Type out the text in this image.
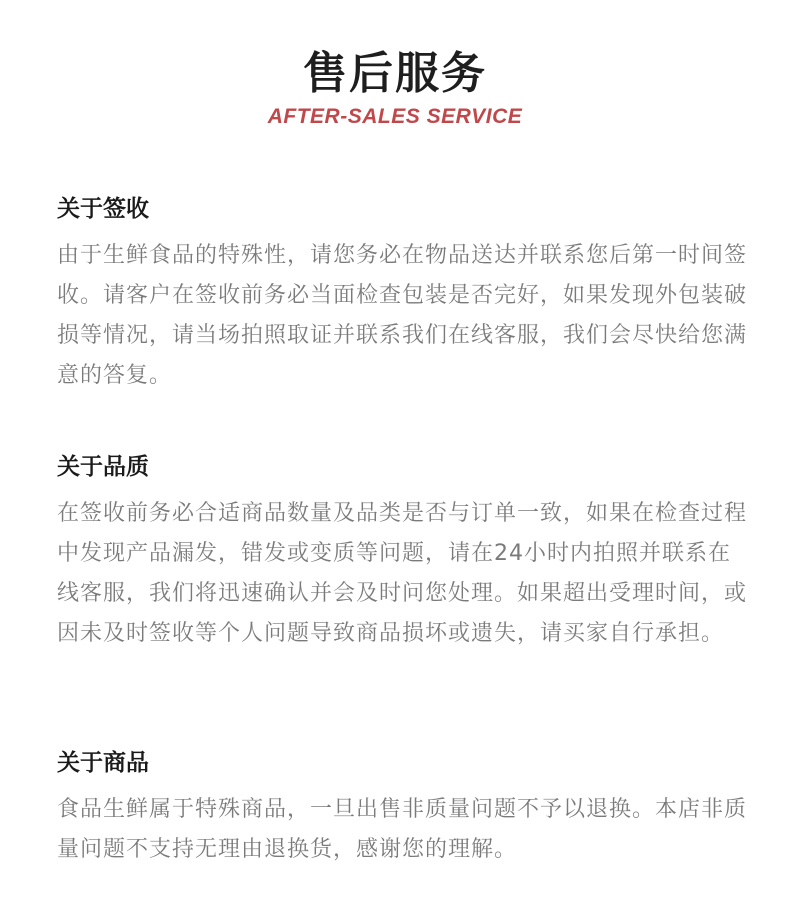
售后服务
AFTER-SALES SERVICE
关于签收

由于生鲜食品的特殊性，请您务必在物品送达并联系您后第一时间签收。请客户在签收前务必当面检查包装是否完好，如果发现外包装破损等情况，请当场拍照取证并联系我们在线客服，我们会尽快给您满意的答复。

关于品质

在签收前务必合适商品数量及品类是否与订单一致，如果在检查过程中发现产品漏发，错发或变质等问题，请在24小时内拍照并联系在线客服，我们将迅速确认并会及时问您处理。如果超出受理时间，或因未及时签收等个人问题导致商品损坏或遗失，请买家自行承担。

关于商品

食品生鲜属于特殊商品，一旦出售非质量问题不予以退换。本店非质量问题不支持无理由退换货，感谢您的理解。
